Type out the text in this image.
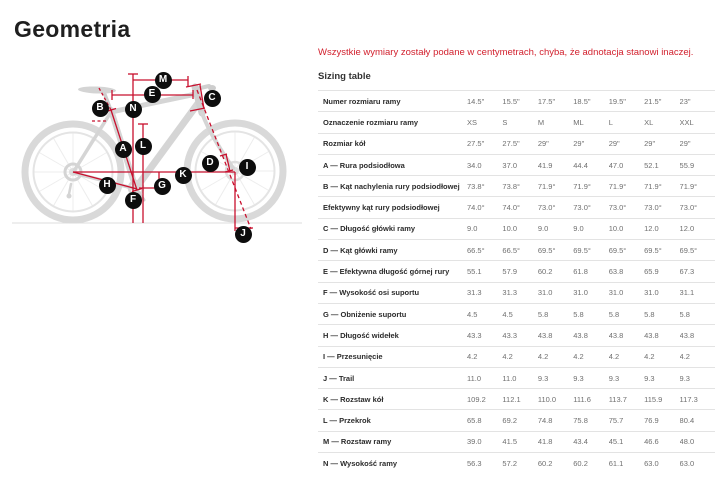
Geometria
M
E	C
B	N
A	L
D	I
K
H	G
F
J

Wszystkie wymiary zostały podane w centymetrach, chyba, że adnotacja stanowi inaczej.

Sizing table
Numer rozmiaru ramy	14.5"	15.5"	17.5"	18.5"	19.5"	21.5"	23"
Oznaczenie rozmiaru ramy	XS	S	M	ML	L	XL	XXL
Rozmiar kół	27.5"	27.5"	29"	29"	29"	29"	29"
A — Rura podsiodłowa	34.0	37.0	41.9	44.4	47.0	52.1	55.9
B — Kąt nachylenia rury podsiodłowej	73.8°	73.8°	71.9°	71.9°	71.9°	71.9°	71.9°
Efektywny kąt rury podsiodłowej	74.0°	74.0°	73.0°	73.0°	73.0°	73.0°	73.0°
C — Długość główki ramy	9.0	10.0	9.0	9.0	10.0	12.0	12.0
D — Kąt główki ramy	66.5°	66.5°	69.5°	69.5°	69.5°	69.5°	69.5°
E — Efektywna długość górnej rury	55.1	57.9	60.2	61.8	63.8	65.9	67.3
F — Wysokość osi suportu	31.3	31.3	31.0	31.0	31.0	31.0	31.1
G — Obniżenie suportu	4.5	4.5	5.8	5.8	5.8	5.8	5.8
H — Długość widełek	43.3	43.3	43.8	43.8	43.8	43.8	43.8
I — Przesunięcie	4.2	4.2	4.2	4.2	4.2	4.2	4.2
J — Trail	11.0	11.0	9.3	9.3	9.3	9.3	9.3
K — Rozstaw kół	109.2	112.1	110.0	111.6	113.7	115.9	117.3
L — Przekrok	65.8	69.2	74.8	75.8	75.7	76.9	80.4
M — Rozstaw ramy	39.0	41.5	41.8	43.4	45.1	46.6	48.0
N — Wysokość ramy	56.3	57.2	60.2	60.2	61.1	63.0	63.0
